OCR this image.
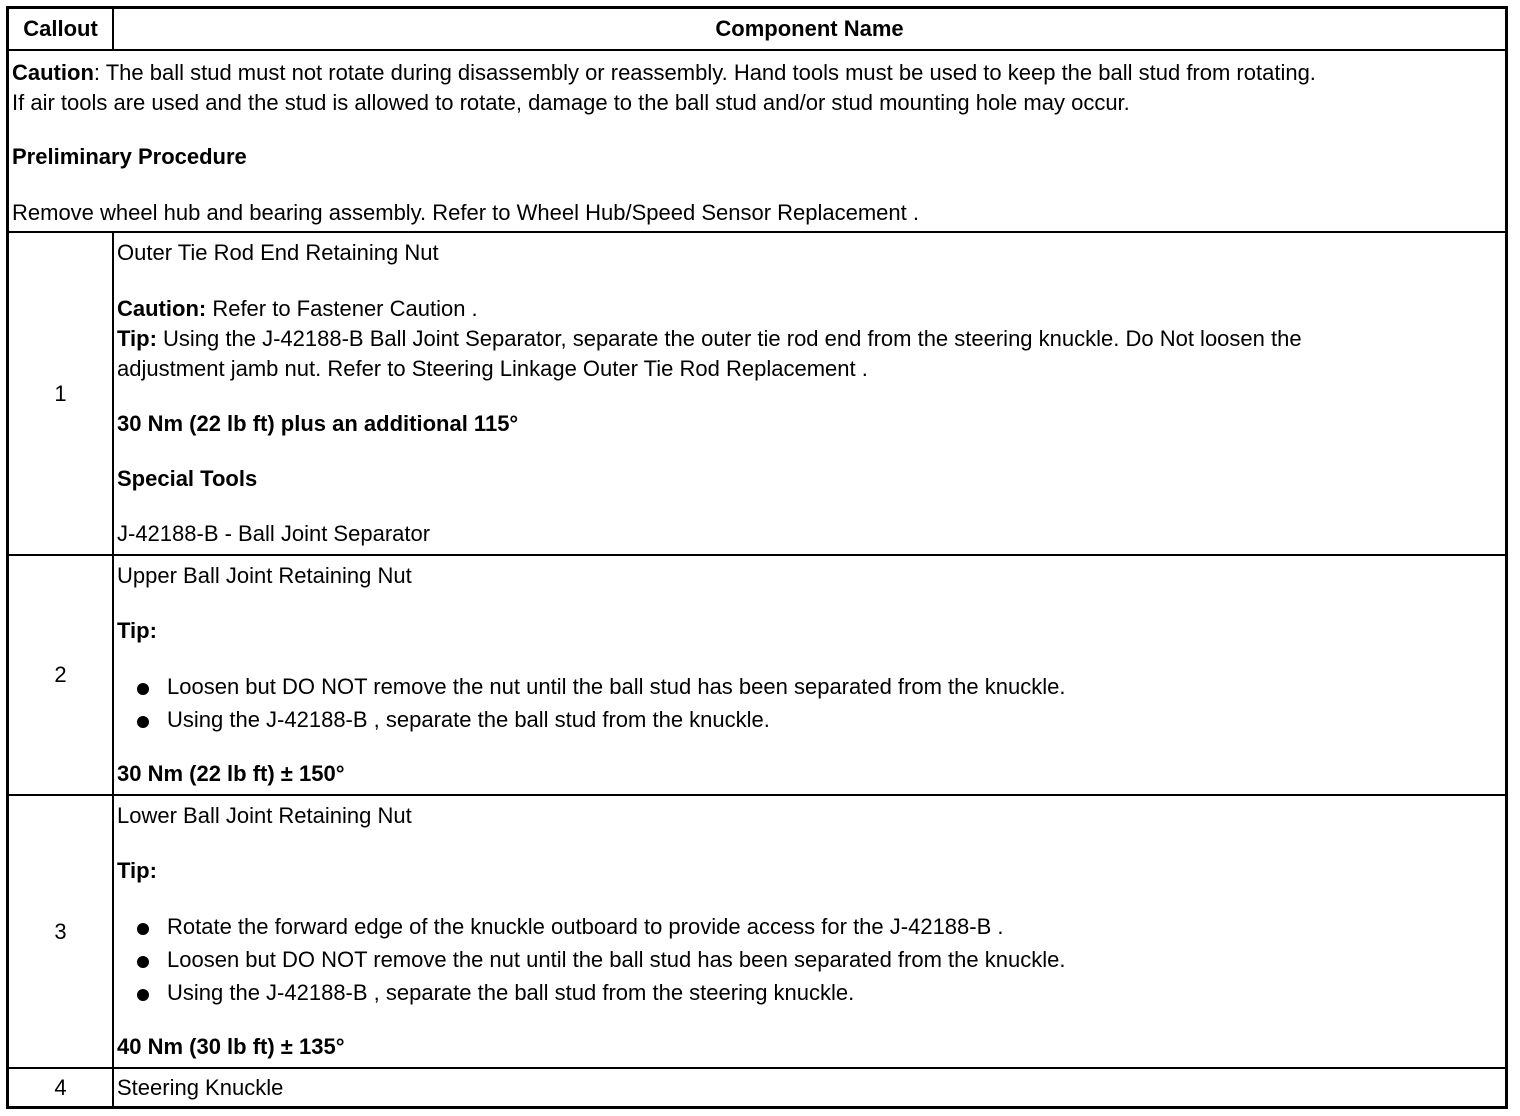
Callout	Component Name
Caution: The ball stud must not rotate during disassembly or reassembly. Hand tools must be used to keep the ball stud from rotating.
If air tools are used and the stud is allowed to rotate, damage to the ball stud and/or stud mounting hole may occur.
Preliminary Procedure
Remove wheel hub and bearing assembly. Refer to Wheel Hub/Speed Sensor Replacement .
1
Outer Tie Rod End Retaining Nut
Caution: Refer to Fastener Caution .
Tip: Using the J-42188-B Ball Joint Separator, separate the outer tie rod end from the steering knuckle. Do Not loosen the
adjustment jamb nut. Refer to Steering Linkage Outer Tie Rod Replacement .
30 Nm (22 lb ft) plus an additional 115°
Special Tools
J-42188-B - Ball Joint Separator
2
Upper Ball Joint Retaining Nut
Tip:
Loosen but DO NOT remove the nut until the ball stud has been separated from the knuckle.
Using the J-42188-B , separate the ball stud from the knuckle.
30 Nm (22 lb ft) ± 150°
3
Lower Ball Joint Retaining Nut
Tip:
Rotate the forward edge of the knuckle outboard to provide access for the J-42188-B .
Loosen but DO NOT remove the nut until the ball stud has been separated from the knuckle.
Using the J-42188-B , separate the ball stud from the steering knuckle.
40 Nm (30 lb ft) ± 135°
4	Steering Knuckle
